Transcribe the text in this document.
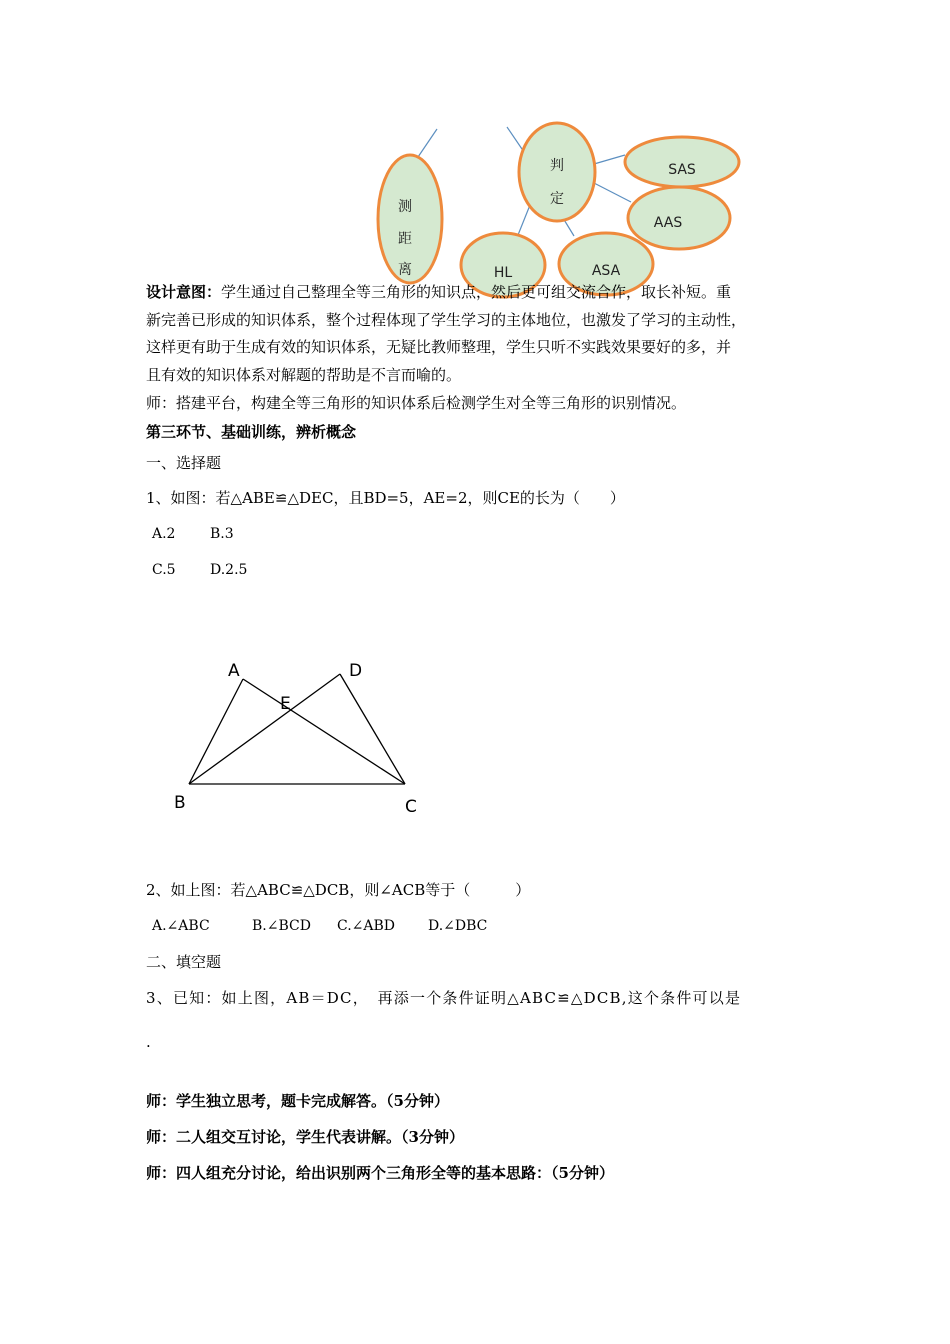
判
定
测
距
离
SAS
AAS
HL	ASA
设计意图：学生通过自己整理全等三角形的知识点，然后更可组交流合作，取长补短。重
新完善已形成的知识体系，整个过程体现了学生学习的主体地位，也激发了学习的主动性，
这样更有助于生成有效的知识体系，无疑比教师整理，学生只听不实践效果要好的多，并
且有效的知识体系对解题的帮助是不言而喻的。
师：搭建平台，构建全等三角形的知识体系后检测学生对全等三角形的识别情况。
第三环节、基础训练，辨析概念
一、选择题
1、如图：若△ABE≌△DEC，且BD=5，AE=2，则CE的长为（　　）
A.2 B.3
C.5 D.2.5
A	D
E
B	C
2、如上图：若△ABC≌△DCB，则∠ACB等于（　　　）
A.∠ABC	B.∠BCD C.∠ABD D.∠DBC
二、填空题
3、已知：如上图，AB＝DC，　再添一个条件证明△ABC≌△DCB,这个条件可以是
.
师：学生独立思考，题卡完成解答。（5分钟）
师：二人组交互讨论，学生代表讲解。（3分钟）
师：四人组充分讨论，给出识别两个三角形全等的基本思路：（5分钟）
